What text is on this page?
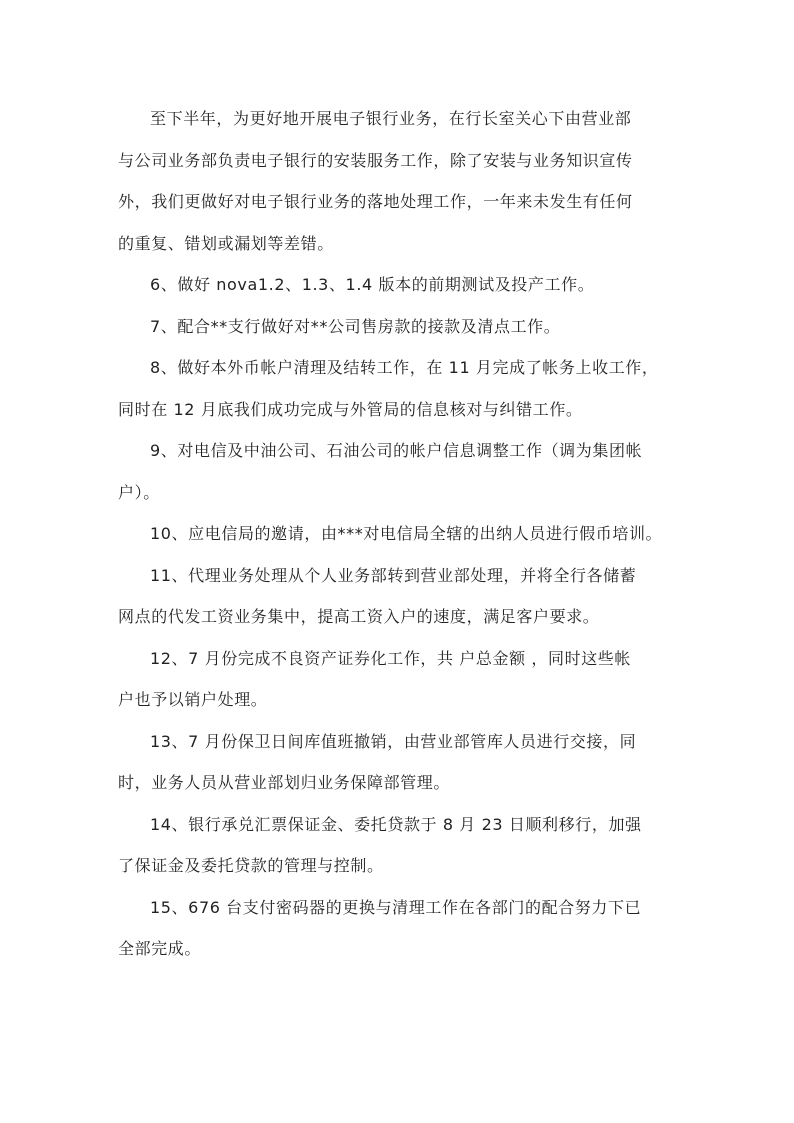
至下半年，为更好地开展电子银行业务，在行长室关心下由营业部
与公司业务部负责电子银行的安装服务工作，除了安装与业务知识宣传
外，我们更做好对电子银行业务的落地处理工作，一年来未发生有任何
的重复、错划或漏划等差错。

6、做好 nova1.2、1.3、1.4 版本的前期测试及投产工作。

7、配合**支行做好对**公司售房款的接款及清点工作。

8、做好本外币帐户清理及结转工作，在 11 月完成了帐务上收工作，
同时在 12 月底我们成功完成与外管局的信息核对与纠错工作。

9、对电信及中油公司、石油公司的帐户信息调整工作（调为集团帐
户）。

10、应电信局的邀请，由***对电信局全辖的出纳人员进行假币培训。

11、代理业务处理从个人业务部转到营业部处理，并将全行各储蓄
网点的代发工资业务集中，提高工资入户的速度，满足客户要求。

12、7 月份完成不良资产证券化工作，共 户总金额 ，同时这些帐
户也予以销户处理。

13、7 月份保卫日间库值班撤销，由营业部管库人员进行交接，同
时，业务人员从营业部划归业务保障部管理。

14、银行承兑汇票保证金、委托贷款于 8 月 23 日顺利移行，加强
了保证金及委托贷款的管理与控制。

15、676 台支付密码器的更换与清理工作在各部门的配合努力下已
全部完成。
